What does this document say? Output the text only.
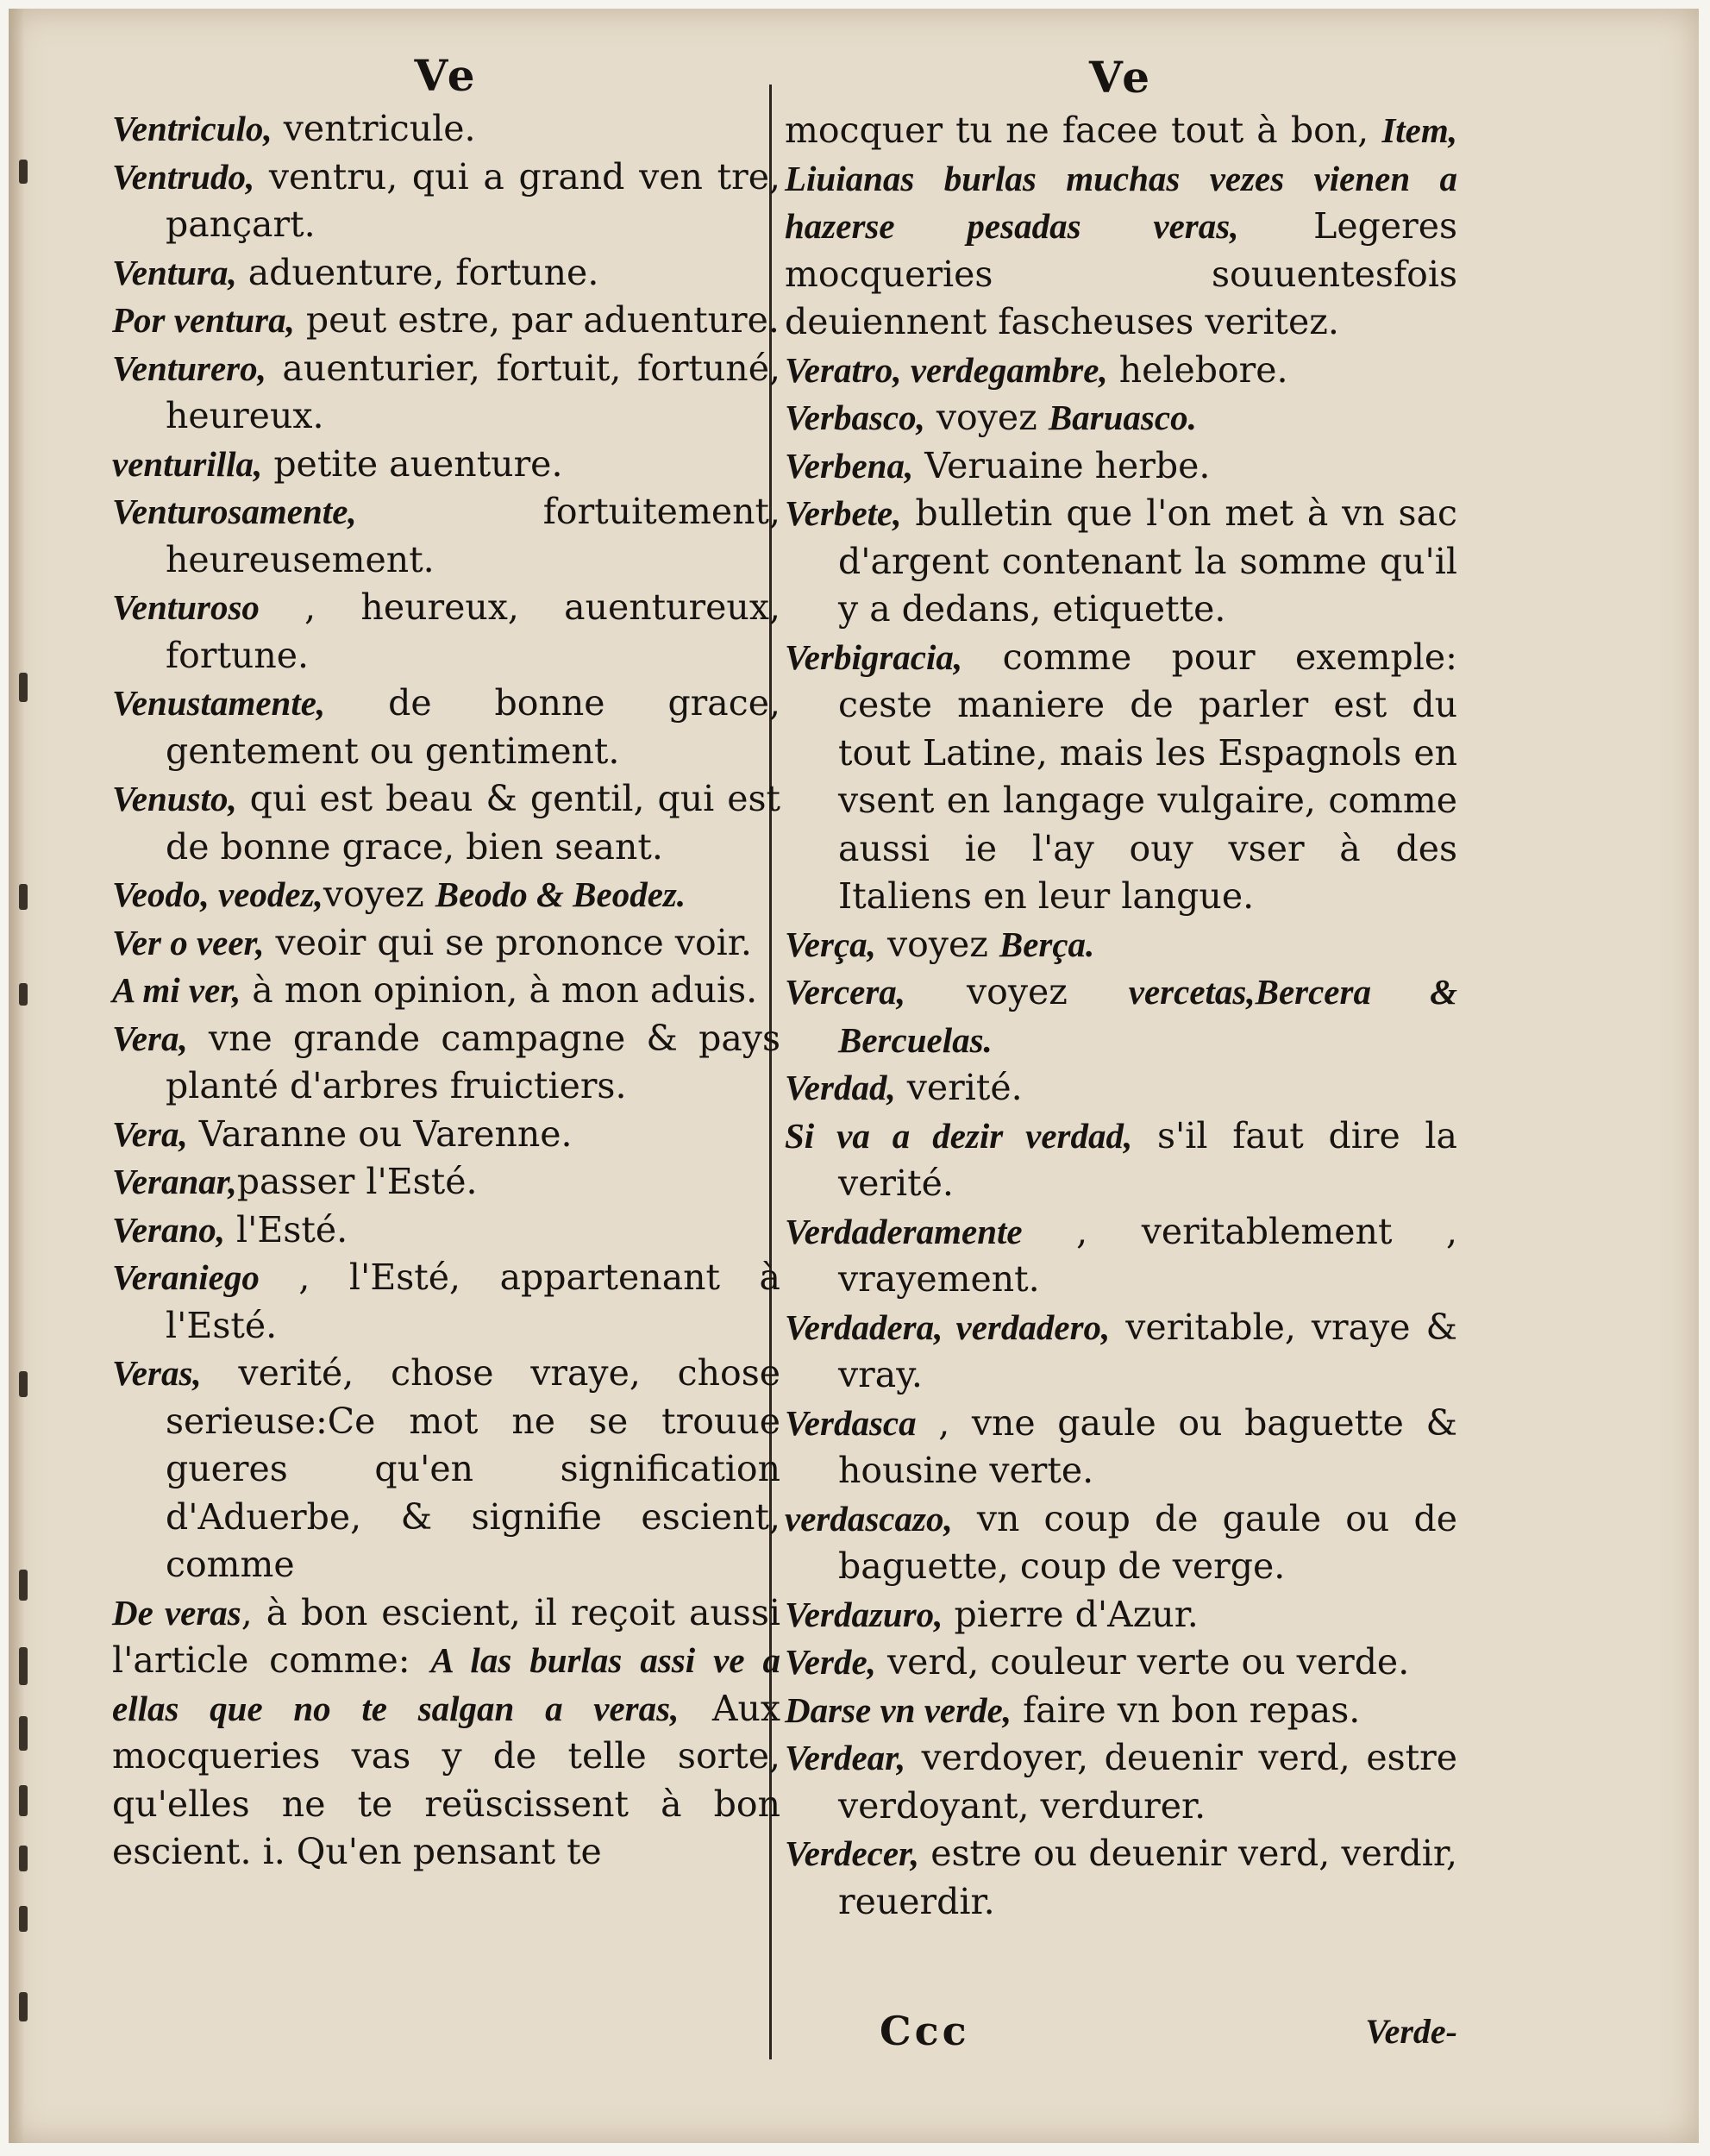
Ve

Ventriculo, ventricule.

Ventrudo, ventru, qui a grand ven tre, pançart.

Ventura, aduenture, fortune.

Por ventura, peut estre, par aduenture.

Venturero, auenturier, fortuit, fortuné, heureux.

venturilla, petite auenture.

Venturosamente, fortuitement, heureusement.

Venturoso , heureux, auentureux, fortune.

Venustamente, de bonne grace, gentement ou gentiment.

Venusto, qui est beau & gentil, qui est de bonne grace, bien seant.

Veodo, veodez,voyez Beodo & Beodez.

Ver o veer, veoir qui se prononce voir.

A mi ver, à mon opinion, à mon aduis.

Vera, vne grande campagne & pays planté d'arbres fruictiers.

Vera, Varanne ou Varenne.

Veranar,passer l'Esté.

Verano, l'Esté.

Veraniego , l'Esté, appartenant à l'Esté.

Veras, verité, chose vraye, chose serieuse:Ce mot ne se trouue gueres qu'en signification d'Aduerbe, & signifie escient, comme

De veras, à bon escient, il reçoit aussi l'article comme: A las burlas assi ve a ellas que no te salgan a veras, Aux mocqueries vas y de telle sorte, qu'elles ne te reüscissent à bon escient. i. Qu'en pensant te

Ve

mocquer tu ne facee tout à bon, Item, Liuianas burlas muchas vezes vienen a hazerse pesadas veras, Legeres mocqueries souuentesfois deuiennent fascheuses veritez.

Veratro, verdegambre, helebore.

Verbasco, voyez Baruasco.

Verbena, Veruaine herbe.

Verbete, bulletin que l'on met à vn sac d'argent contenant la somme qu'il y a dedans, etiquette.

Verbigracia, comme pour exemple: ceste maniere de parler est du tout Latine, mais les Espagnols en vsent en langage vulgaire, comme aussi ie l'ay ouy vser à des Italiens en leur langue.

Verça, voyez Berça.

Vercera, voyez vercetas,Bercera & Bercuelas.

Verdad, verité.

Si va a dezir verdad, s'il faut dire la verité.

Verdaderamente , veritablement , vrayement.

Verdadera, verdadero, veritable, vraye & vray.

Verdasca , vne gaule ou baguette & housine verte.

verdascazo, vn coup de gaule ou de baguette, coup de verge.

Verdazuro, pierre d'Azur.

Verde, verd, couleur verte ou verde.

Darse vn verde, faire vn bon repas.

Verdear, verdoyer, deuenir verd, estre verdoyant, verdurer.

Verdecer, estre ou deuenir verd, verdir, reuerdir.

Ccc	Verde-
